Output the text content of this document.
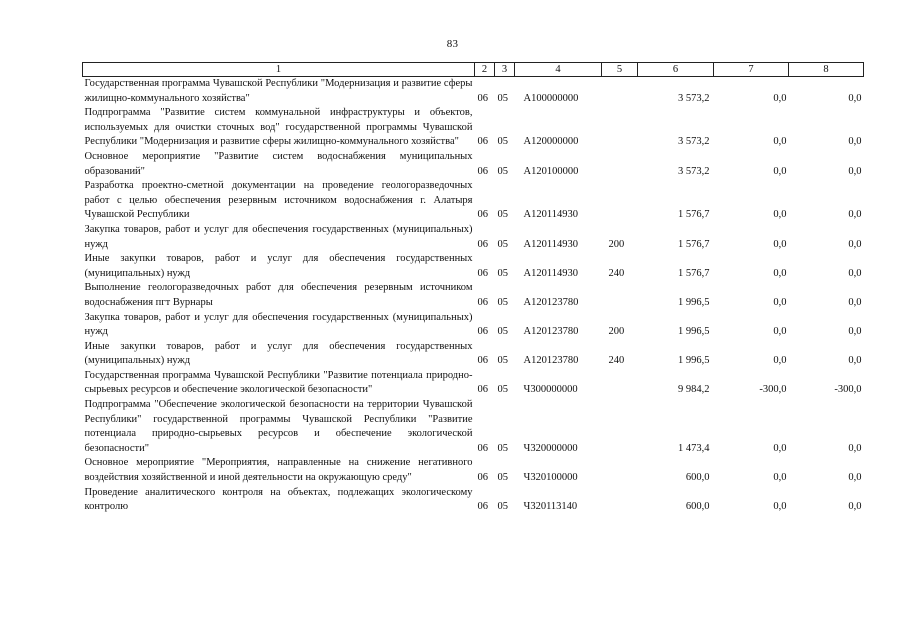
83
1	2	3	4	5	6	7	8
Государственная программа Чувашской Республики "Модернизация и развитие сферы жилищно-коммунального хозяйства"	06	05	А100000000		3 573,2	0,0	0,0
Подпрограмма "Развитие систем коммунальной инфраструктуры и объектов, используемых для очистки сточных вод" государственной программы Чувашской Республики "Модернизация и развитие сферы жилищно-коммунального хозяйства"	06	05	А120000000		3 573,2	0,0	0,0
Основное мероприятие "Развитие систем водоснабжения муниципальных образований"	06	05	А120100000		3 573,2	0,0	0,0
Разработка проектно-сметной документации на проведение геологоразведочных работ с целью обеспечения резервным источником водоснабжения г. Алатыря Чувашской Республики	06	05	А120114930		1 576,7	0,0	0,0
Закупка товаров, работ и услуг для обеспечения государственных (муниципальных) нужд	06	05	А120114930	200	1 576,7	0,0	0,0
Иные закупки товаров, работ и услуг для обеспечения государственных (муниципальных) нужд	06	05	А120114930	240	1 576,7	0,0	0,0
Выполнение геологоразведочных работ для обеспечения резервным источником водоснабжения пгт Вурнары	06	05	А120123780		1 996,5	0,0	0,0
Закупка товаров, работ и услуг для обеспечения государственных (муниципальных) нужд	06	05	А120123780	200	1 996,5	0,0	0,0
Иные закупки товаров, работ и услуг для обеспечения государственных (муниципальных) нужд	06	05	А120123780	240	1 996,5	0,0	0,0
Государственная программа Чувашской Республики "Развитие потенциала природно-сырьевых ресурсов и обеспечение экологической безопасности"	06	05	Ч300000000		9 984,2	-300,0	-300,0
Подпрограмма "Обеспечение экологической безопасности на территории Чувашской Республики" государственной программы Чувашской Республики "Развитие потенциала природно-сырьевых ресурсов и обеспечение экологической безопасности"	06	05	Ч320000000		1 473,4	0,0	0,0
Основное мероприятие "Мероприятия, направленные на снижение негативного воздействия хозяйственной и иной деятельности на окружающую среду"	06	05	Ч320100000		600,0	0,0	0,0
Проведение аналитического контроля на объектах, подлежащих экологическому контролю	06	05	Ч320113140		600,0	0,0	0,0
